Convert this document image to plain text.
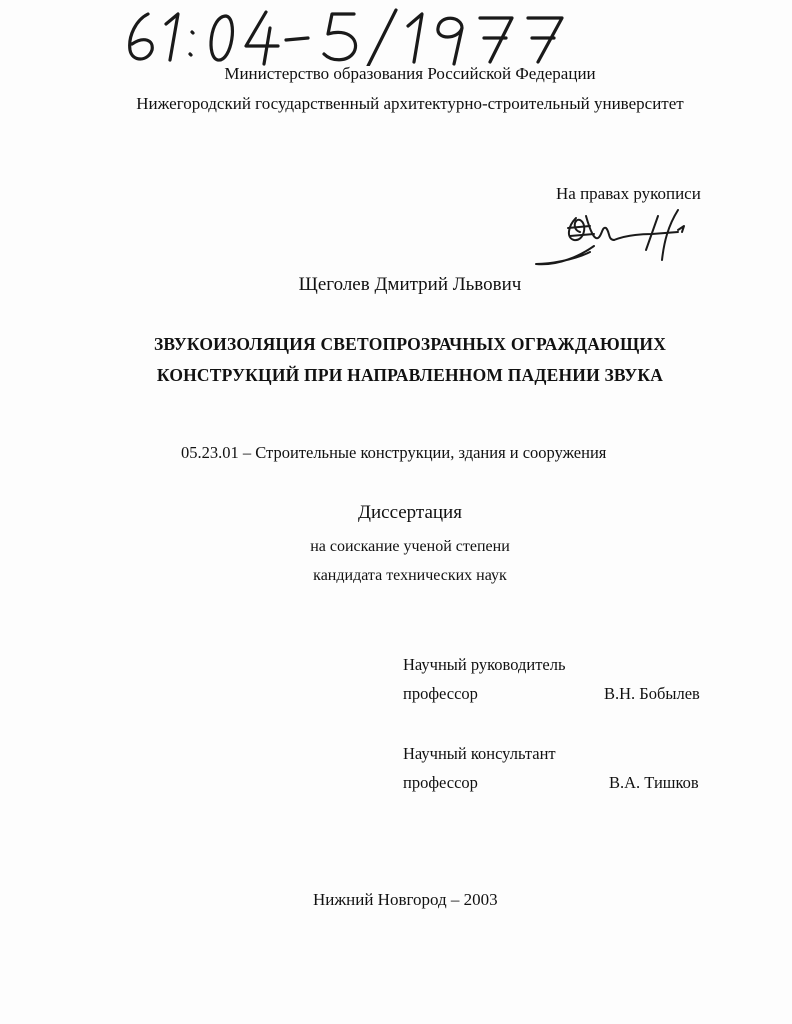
Министерство образования Российской Федерации
Нижегородский государственный архитектурно-строительный университет
На правах рукописи
Щеголев Дмитрий Львович
ЗВУКОИЗОЛЯЦИЯ СВЕТОПРОЗРАЧНЫХ ОГРАЖДАЮЩИХ
КОНСТРУКЦИЙ ПРИ НАПРАВЛЕННОМ ПАДЕНИИ ЗВУКА
05.23.01 – Строительные конструкции, здания и сооружения
Диссертация
на соискание ученой степени
кандидата технических наук
Научный руководитель
профессор	В.Н. Бобылев
Научный консультант
профессор	В.А. Тишков
Нижний Новгород – 2003
